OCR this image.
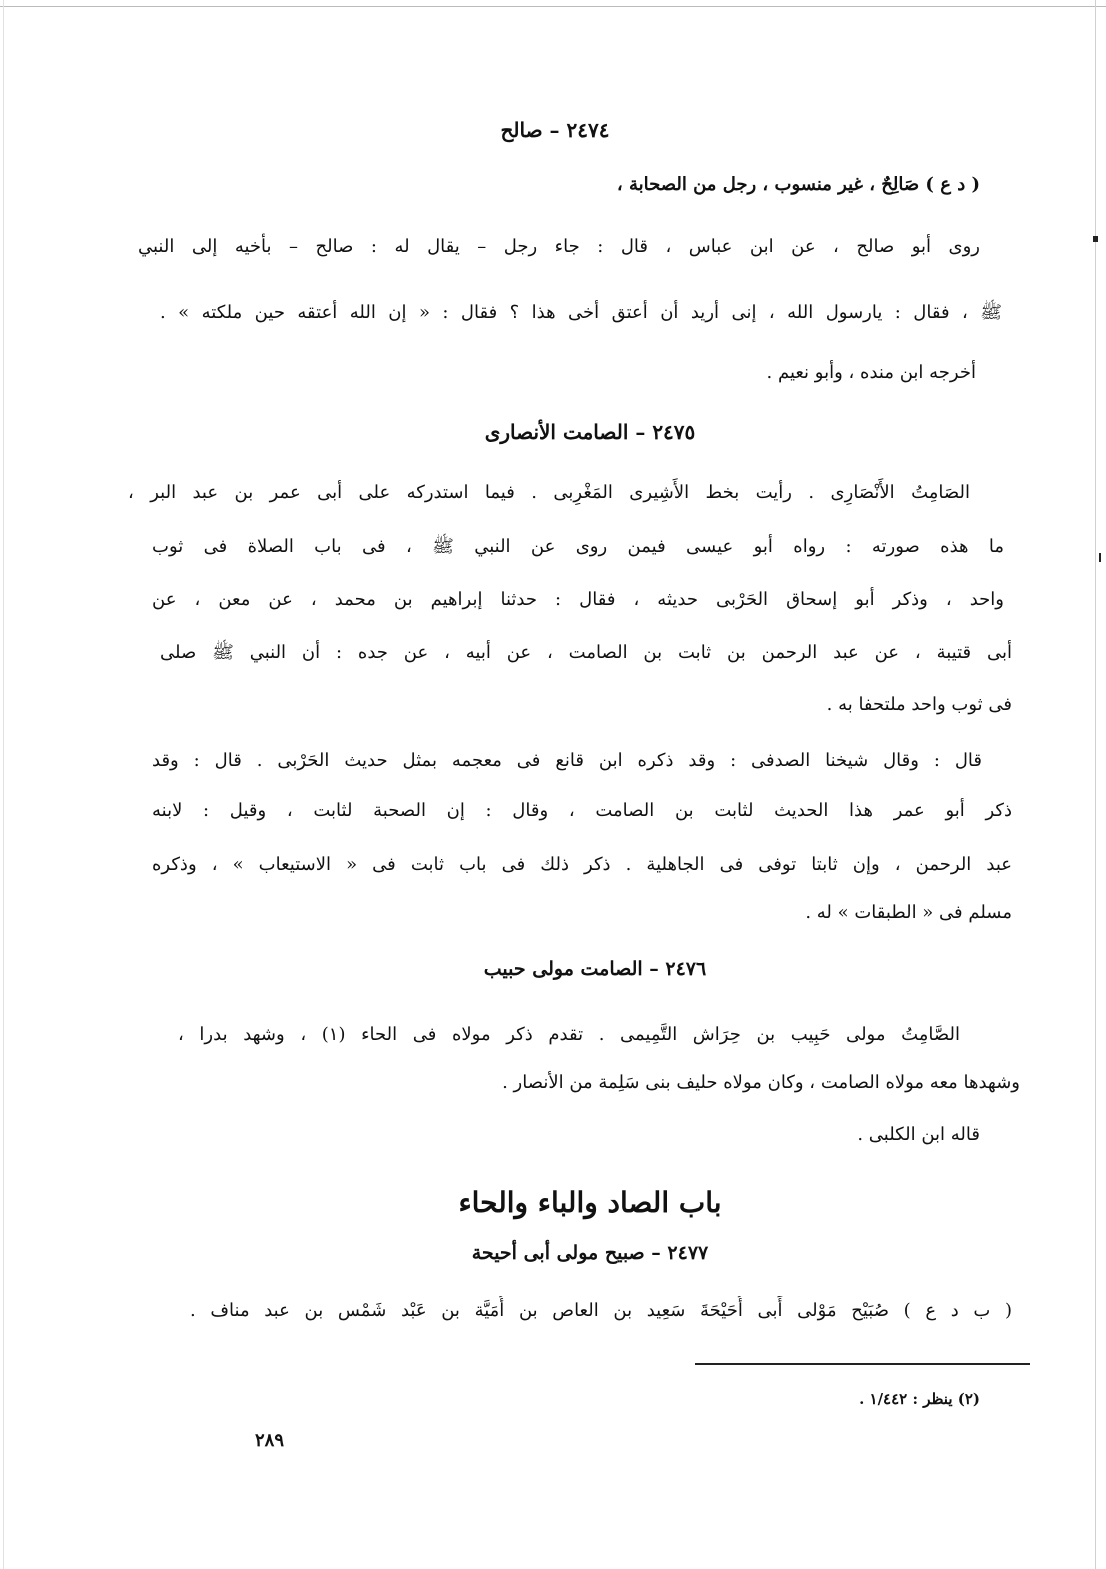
٢٤٧٤ – صالح
( د ع ) صَالِحٌ ، غير منسوب ، رجل من الصحابة ،
روى أبو صالح ، عن ابن عباس ، قال : جاء رجل – يقال له : صالح – بأخيه إلى النبي
ﷺ ، فقال : يارسول الله ، إنى أريد أن أعتق أخى هذا ؟ فقال : « إن الله أعتقه حين ملكته » .
أخرجه ابن منده ، وأبو نعيم .
٢٤٧٥ – الصامت الأنصارى
الصَامِتُ الأَنْصَارِى . رأيت بخط الأَشِيرى المَغْرِبى . فيما استدركه على أبى عمر بن عبد البر ،
ما هذه صورته : رواه أبو عيسى فيمن روى عن النبي ﷺ ، فى باب الصلاة فى ثوب
واحد ، وذكر أبو إسحاق الحَرْبى حديثه ، فقال : حدثنا إبراهيم بن محمد ، عن معن ، عن
أبى قتيبة ، عن عبد الرحمن بن ثابت بن الصامت ، عن أبيه ، عن جده : أن النبي ﷺ صلى
فى ثوب واحد ملتحفا به .
قال : وقال شيخنا الصدفى : وقد ذكره ابن قانع فى معجمه بمثل حديث الحَرْبى . قال : وقد
ذكر أبو عمر هذا الحديث لثابت بن الصامت ، وقال : إن الصحبة لثابت ، وقيل : لابنه
عبد الرحمن ، وإن ثابتا توفى فى الجاهلية . ذكر ذلك فى باب ثابت فى « الاستيعاب » ، وذكره
مسلم فى « الطبقات » له .
٢٤٧٦ – الصامت مولى حبيب
الصَّامِتُ مولى حَبِيب بن حِرَاش التَّمِيمى . تقدم ذكر مولاه فى الحاء (١) ، وشهد بدرا ،
وشهدها معه مولاه الصامت ، وكان مولاه حليف بنى سَلِمة من الأنصار .
قاله ابن الكلبى .
باب الصاد والباء والحاء
٢٤٧٧ – صبيح مولى أبى أحيحة
( ب د ع ) صُبَيْح مَوْلى أَبى أُحَيْحَةَ سَعِيد بن العاص بن أُمَيَّة بن عَبْد شَمْس بن عبد مناف .
(٢) ينظر : ١/٤٤٢ .
٢٨٩
